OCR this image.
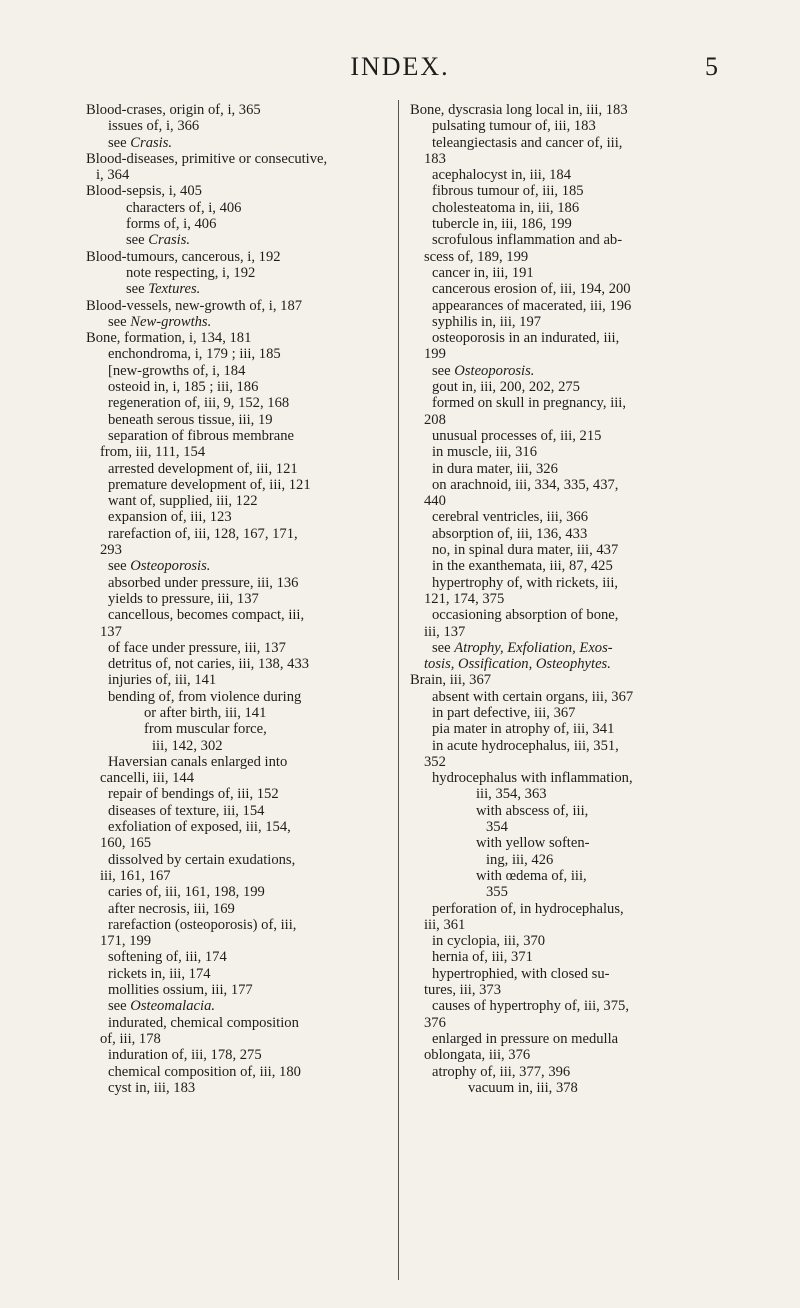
INDEX.	5
Blood-crases, origin of, i, 365
issues of, i, 366
see Crasis.
Blood-diseases, primitive or consecutive,
i, 364
Blood-sepsis, i, 405
characters of, i, 406
forms of, i, 406
see Crasis.
Blood-tumours, cancerous, i, 192
note respecting, i, 192
see Textures.
Blood-vessels, new-growth of, i, 187
see New-growths.
Bone, formation, i, 134, 181
enchondroma, i, 179 ; iii, 185
[new-growths of, i, 184
osteoid in, i, 185 ; iii, 186
regeneration of, iii, 9, 152, 168
beneath serous tissue, iii, 19
separation of fibrous membrane
from, iii, 111, 154
arrested development of, iii, 121
premature development of, iii, 121
want of, supplied, iii, 122
expansion of, iii, 123
rarefaction of, iii, 128, 167, 171,
293
see Osteoporosis.
absorbed under pressure, iii, 136
yields to pressure, iii, 137
cancellous, becomes compact, iii,
137
of face under pressure, iii, 137
detritus of, not caries, iii, 138, 433
injuries of, iii, 141
bending of, from violence during
or after birth, iii, 141
from muscular force,
iii, 142, 302
Haversian canals enlarged into
cancelli, iii, 144
repair of bendings of, iii, 152
diseases of texture, iii, 154
exfoliation of exposed, iii, 154,
160, 165
dissolved by certain exudations,
iii, 161, 167
caries of, iii, 161, 198, 199
after necrosis, iii, 169
rarefaction (osteoporosis) of, iii,
171, 199
softening of, iii, 174
rickets in, iii, 174
mollities ossium, iii, 177
see Osteomalacia.
indurated, chemical composition
of, iii, 178
induration of, iii, 178, 275
chemical composition of, iii, 180
cyst in, iii, 183
Bone, dyscrasia long local in, iii, 183
pulsating tumour of, iii, 183
teleangiectasis and cancer of, iii,
183
acephalocyst in, iii, 184
fibrous tumour of, iii, 185
cholesteatoma in, iii, 186
tubercle in, iii, 186, 199
scrofulous inflammation and ab-
scess of, 189, 199
cancer in, iii, 191
cancerous erosion of, iii, 194, 200
appearances of macerated, iii, 196
syphilis in, iii, 197
osteoporosis in an indurated, iii,
199
see Osteoporosis.
gout in, iii, 200, 202, 275
formed on skull in pregnancy, iii,
208
unusual processes of, iii, 215
in muscle, iii, 316
in dura mater, iii, 326
on arachnoid, iii, 334, 335, 437,
440
cerebral ventricles, iii, 366
absorption of, iii, 136, 433
no, in spinal dura mater, iii, 437
in the exanthemata, iii, 87, 425
hypertrophy of, with rickets, iii,
121, 174, 375
occasioning absorption of bone,
iii, 137
see Atrophy, Exfoliation, Exos-
tosis, Ossification, Osteophytes.
Brain, iii, 367
absent with certain organs, iii, 367
in part defective, iii, 367
pia mater in atrophy of, iii, 341
in acute hydrocephalus, iii, 351,
352
hydrocephalus with inflammation,
iii, 354, 363
with abscess of, iii,
354
with yellow soften-
ing, iii, 426
with œdema of, iii,
355
perforation of, in hydrocephalus,
iii, 361
in cyclopia, iii, 370
hernia of, iii, 371
hypertrophied, with closed su-
tures, iii, 373
causes of hypertrophy of, iii, 375,
376
enlarged in pressure on medulla
oblongata, iii, 376
atrophy of, iii, 377, 396
vacuum in, iii, 378
